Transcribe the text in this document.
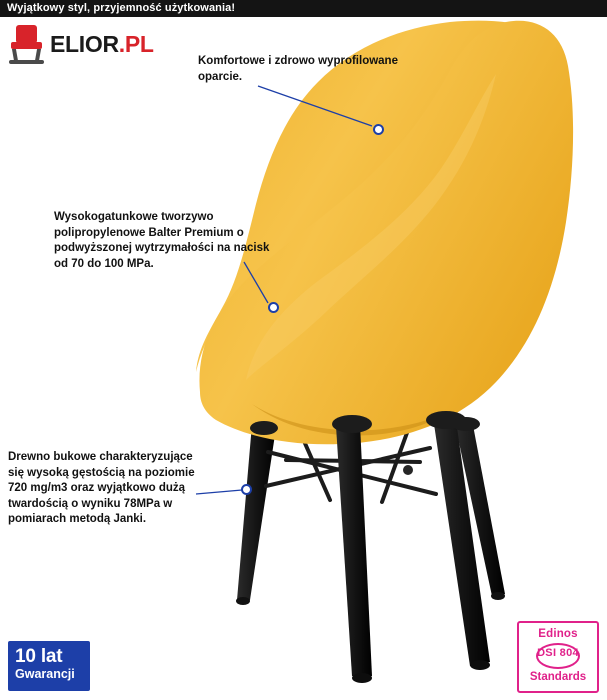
Wyjątkowy styl, przyjemność użytkowania!
ELIOR.PL
Komfortowe i zdrowo wyprofilowane oparcie.
Wysokogatunkowe tworzywo polipropylenowe Balter Premium o podwyższonej wytrzymałości na nacisk od 70 do 100 MPa.
Drewno bukowe charakteryzujące się wysoką gęstością na poziomie 720 mg/m3 oraz wyjątkowo dużą twardością o wyniku 78MPa w pomiarach metodą Janki.
10 lat
Gwarancji
Edinos
DSI 804
Standards
